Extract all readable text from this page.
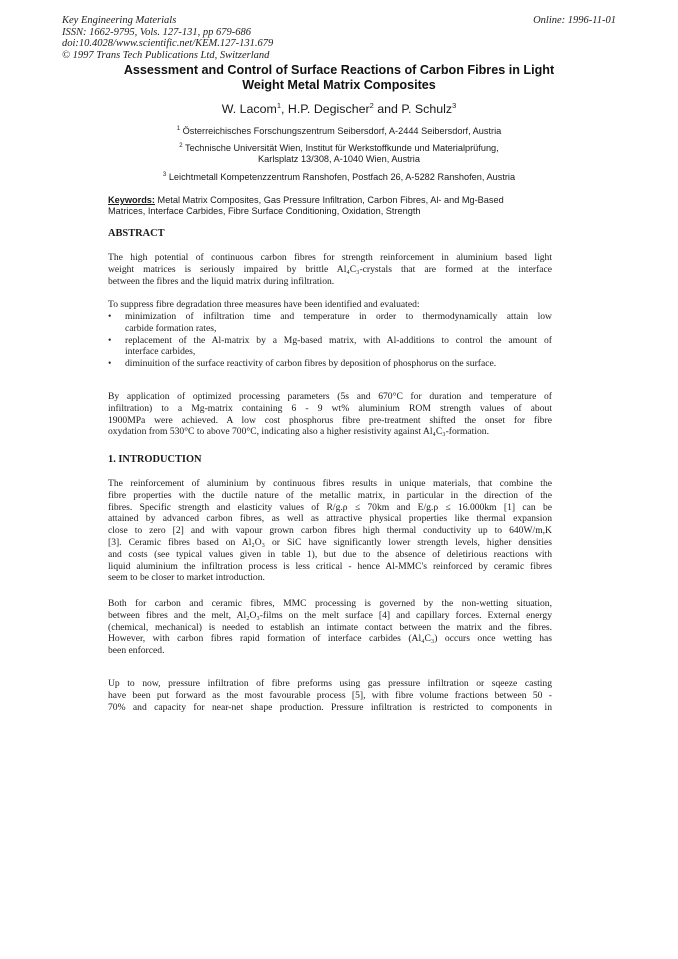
Key Engineering Materials
ISSN: 1662-9795, Vols. 127-131, pp 679-686
doi:10.4028/www.scientific.net/KEM.127-131.679
© 1997 Trans Tech Publications Ltd, Switzerland
Online: 1996-11-01
Assessment and Control of Surface Reactions of Carbon Fibres in Light
Weight Metal Matrix Composites
W. Lacom$^1$, H.P. Degischer$^2$ and P. Schulz$^3$
$^1$ Österreichisches Forschungszentrum Seibersdorf, A-2444 Seibersdorf, Austria
$^2$ Technische Universität Wien, Institut für Werkstoffkunde und Materialprüfung,
Karlsplatz 13/308, A-1040 Wien, Austria
$^3$ Leichtmetall Kompetenzzentrum Ranshofen, Postfach 26, A-5282 Ranshofen, Austria
Keywords: Metal Matrix Composites, Gas Pressure Infiltration, Carbon Fibres, Al- and Mg-Based
Matrices, Interface Carbides, Fibre Surface Conditioning, Oxidation, Strength
ABSTRACT
The high potential of continuous carbon fibres for strength reinforcement in aluminium based light
weight matrices is seriously impaired by brittle Al₄C₃-crystals that are formed at the interface
between the fibres and the liquid matrix during infiltration.
To suppress fibre degradation three measures have been identified and evaluated:
• minimization of infiltration time and temperature in order to thermodynamically attain low
carbide formation rates,
• replacement of the Al-matrix by a Mg-based matrix, with Al-additions to control the amount of
interface carbides,
• diminuition of the surface reactivity of carbon fibres by deposition of phosphorus on the surface.
By application of optimized processing parameters (5s and 670°C for duration and temperature of
infiltration) to a Mg-matrix containing 6 - 9 wt% aluminium ROM strength values of about
1900MPa were achieved. A low cost phosphorus fibre pre-treatment shifted the onset for fibre
oxydation from 530°C to above 700°C, indicating also a higher resistivity against Al₄C₃-formation.
1. INTRODUCTION
The reinforcement of aluminium by continuous fibres results in unique materials, that combine the
fibre properties with the ductile nature of the metallic matrix, in particular in the direction of the
fibres. Specific strength and elasticity values of R/g.ρ ≤ 70km and E/g.ρ ≤ 16.000km [1] can be
attained by advanced carbon fibres, as well as attractive physical properties like thermal expansion
close to zero [2] and with vapour grown carbon fibres high thermal conductivity up to 640W/m,K
[3]. Ceramic fibres based on Al₂O₃ or SiC have significantly lower strength levels, higher densities
and costs (see typical values given in table 1), but due to the absence of deletirious reactions with
liquid aluminium the infiltration process is less critical - hence Al-MMC's reinforced by ceramic fibres
seem to be closer to market introduction.
Both for carbon and ceramic fibres, MMC processing is governed by the non-wetting situation,
between fibres and the melt, Al₂O₃-films on the melt surface [4] and capillary forces. External energy
(chemical, mechanical) is needed to establish an intimate contact between the matrix and the fibres.
However, with carbon fibres rapid formation of interface carbides (Al₄C₃) occurs once wetting has
been enforced.
Up to now, pressure infiltration of fibre preforms using gas pressure infiltration or sqeeze casting
have been put forward as the most favourable process [5], with fibre volume fractions between 50 -
70% and capacity for near-net shape production. Pressure infiltration is restricted to components in
